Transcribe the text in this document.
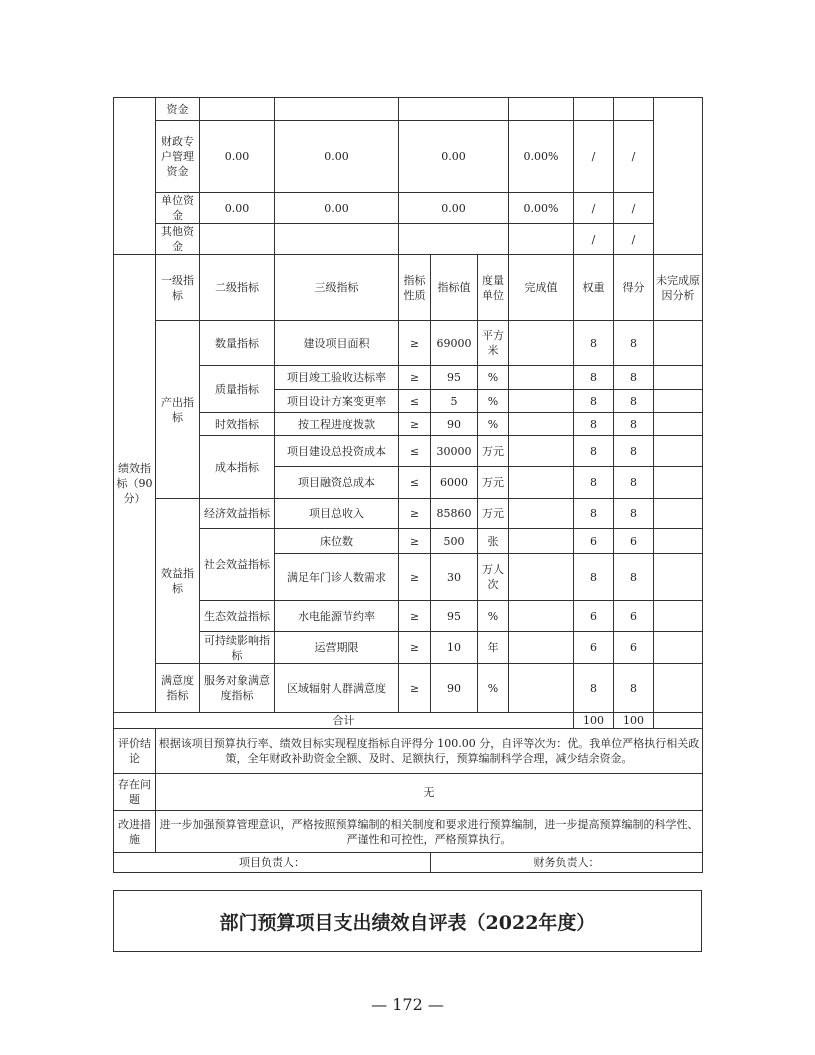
	资金									
	财政专户管理资金	0.00	0.00	0.00			0.00%	/	/	
	单位资金	0.00	0.00	0.00			0.00%	/	/	
	其他资金							/	/	
绩效指标（90分）	一级指标	二级指标	三级指标	指标性质	指标值	度量单位	完成值	权重	得分	未完成原因分析
	产出指标	数量指标	建设项目面积	≥	69000	平方米		8	8	
		质量指标	项目竣工验收达标率	≥	95	%		8	8	
			项目设计方案变更率	≤	5	%		8	8	
		时效指标	按工程进度拨款	≥	90	%		8	8	
		成本指标	项目建设总投资成本	≤	30000	万元		8	8	
			项目融资总成本	≤	6000	万元		8	8	
	效益指标	经济效益指标	项目总收入	≥	85860	万元		8	8	
		社会效益指标	床位数	≥	500	张		6	6	
			满足年门诊人数需求	≥	30	万人次		8	8	
		生态效益指标	水电能源节约率	≥	95	%		6	6	
		可持续影响指标	运营期限	≥	10	年		6	6	
	满意度指标	服务对象满意度指标	区域辐射人群满意度	≥	90	%		8	8	
合计								100	100	
评价结论	根据该项目预算执行率、绩效目标实现程度指标自评得分 100.00 分，自评等次为：优。我单位严格执行相关政策，全年财政补助资金全额、及时、足额执行，预算编制科学合理，减少结余资金。									
存在问题	无									
改进措施	进一步加强预算管理意识，严格按照预算编制的相关制度和要求进行预算编制，进一步提高预算编制的科学性、严谨性和可控性，严格预算执行。									
项目负责人：					财务负责人：					
部门预算项目支出绩效自评表（2022年度）
— 172 —
